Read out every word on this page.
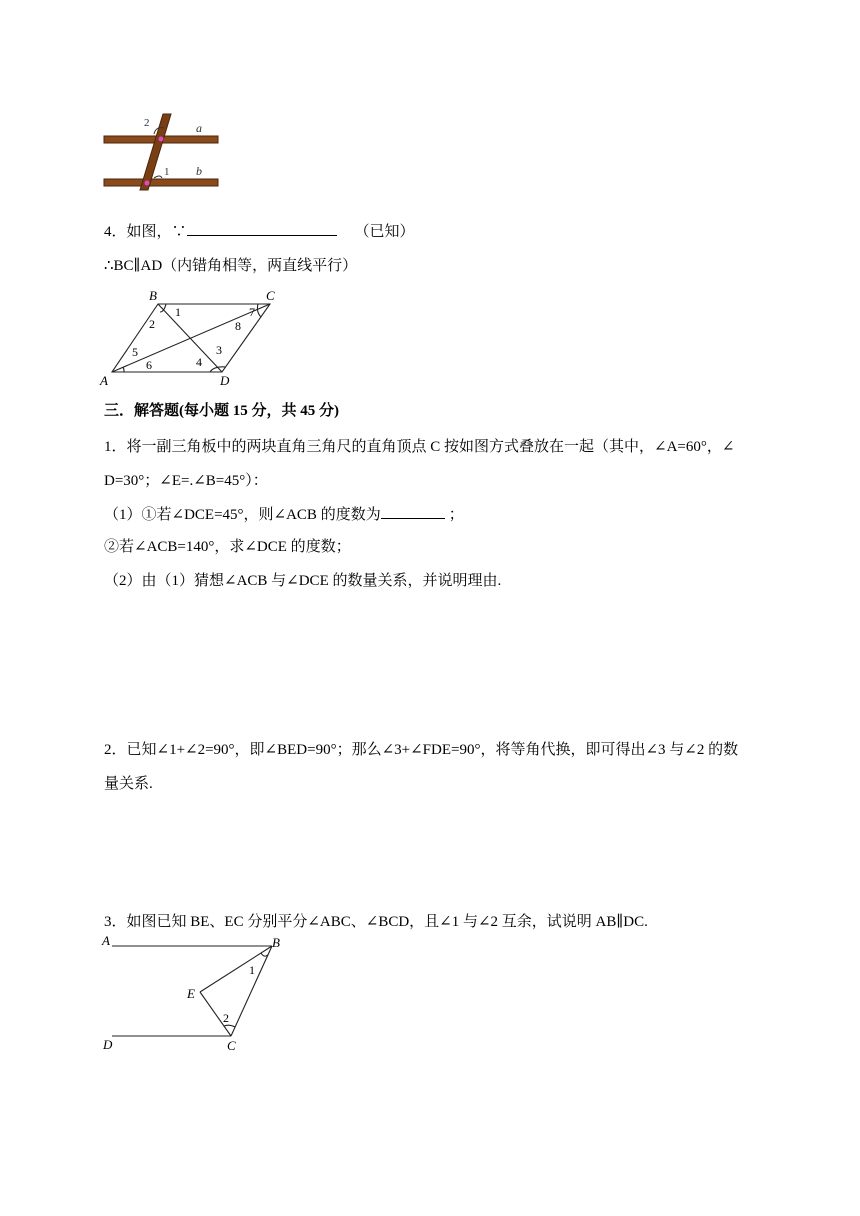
2	a
1 b
4．如图，∵	（已知）
∴BC∥AD（内错角相等，两直线平行）
B	C
A	D
1
2
3
4
5
6
7
8
三．解答题(每小题 15 分，共 45 分)
1．将一副三角板中的两块直角三角尺的直角顶点 C 按如图方式叠放在一起（其中，∠A=60°，∠
D=30°；∠E=.∠B=45°）：
（1）①若∠DCE=45°，则∠ACB 的度数为	；
②若∠ACB=140°，求∠DCE 的度数；
（2）由（1）猜想∠ACB 与∠DCE 的数量关系，并说明理由.
2．已知∠1+∠2=90°，即∠BED=90°；那么∠3+∠FDE=90°，将等角代换，即可得出∠3 与∠2 的数
量关系.
3．如图已知 BE、EC 分别平分∠ABC、∠BCD，且∠1 与∠2 互余，试说明 AB∥DC.
A	B
E
D	C
1
2
